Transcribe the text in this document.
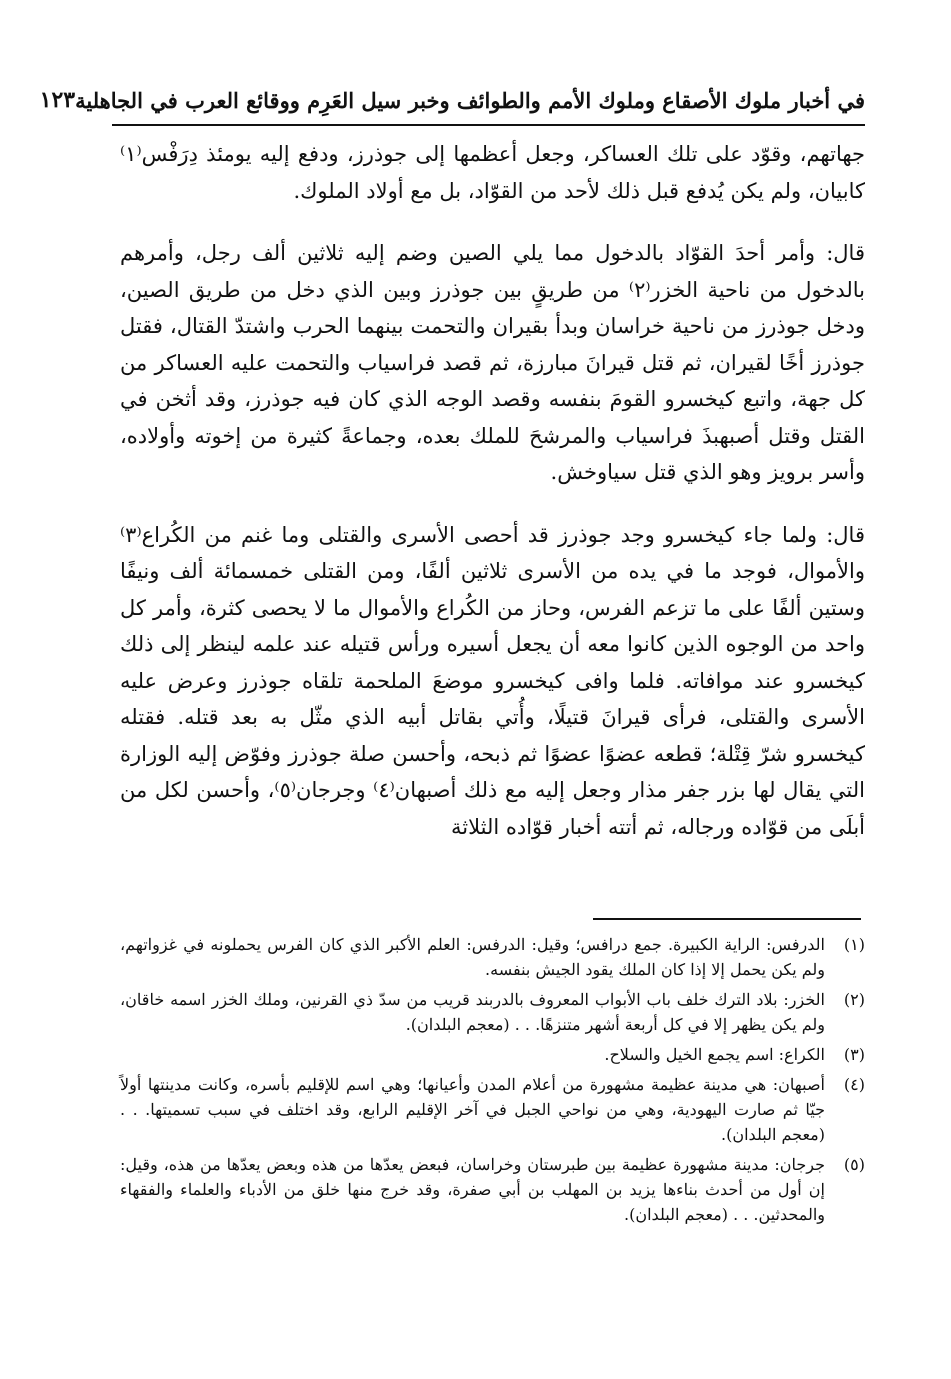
في أخبار ملوك الأصقاع وملوك الأمم والطوائف وخبر سيل العَرِم ووقائع العرب في الجاهلية
١٢٣

جهاتهم، وقوّد على تلك العساكر، وجعل أعظمها إلى جوذرز، ودفع إليه يومئذ دِرَفْس⁽١⁾ كابيان، ولم يكن يُدفع قبل ذلك لأحد من القوّاد، بل مع أولاد الملوك.

قال: وأمر أحدَ القوّاد بالدخول مما يلي الصين وضم إليه ثلاثين ألف رجل، وأمرهم بالدخول من ناحية الخزر⁽٢⁾ من طريقٍ بين جوذرز وبين الذي دخل من طريق الصين، ودخل جوذرز من ناحية خراسان وبدأ بقيران والتحمت بينهما الحرب واشتدّ القتال، فقتل جوذرز أخًا لقيران، ثم قتل قيرانَ مبارزة، ثم قصد فراسياب والتحمت عليه العساكر من كل جهة، واتبع كيخسرو القومَ بنفسه وقصد الوجه الذي كان فيه جوذرز، وقد أثخن في القتل وقتل أصبهبذَ فراسياب والمرشحَ للملك بعده، وجماعةً كثيرة من إخوته وأولاده، وأسر برويز وهو الذي قتل سياوخش.

قال: ولما جاء كيخسرو وجد جوذرز قد أحصى الأسرى والقتلى وما غنم من الكُراع⁽٣⁾ والأموال، فوجد ما في يده من الأسرى ثلاثين ألفًا، ومن القتلى خمسمائة ألف ونيفًا وستين ألفًا على ما تزعم الفرس، وحاز من الكُراع والأموال ما لا يحصى كثرة، وأمر كل واحد من الوجوه الذين كانوا معه أن يجعل أسيره ورأس قتيله عند علمه لينظر إلى ذلك كيخسرو عند موافاته. فلما وافى كيخسرو موضعَ الملحمة تلقاه جوذرز وعرض عليه الأسرى والقتلى، فرأى قيرانَ قتيلًا، وأُتي بقاتل أبيه الذي مثّل به بعد قتله. فقتله كيخسرو شرّ قِتْلة؛ قطعه عضوًا عضوًا ثم ذبحه، وأحسن صلة جوذرز وفوّض إليه الوزارة التي يقال لها بزر جفر مذار وجعل إليه مع ذلك أصبهان⁽٤⁾ وجرجان⁽٥⁾، وأحسن لكل من أبلَى من قوّاده ورجاله، ثم أتته أخبار قوّاده الثلاثة

(١)
الدرفس: الراية الكبيرة. جمع درافس؛ وقيل: الدرفس: العلم الأكبر الذي كان الفرس يحملونه في غزواتهم، ولم يكن يحمل إلا إذا كان الملك يقود الجيش بنفسه.
(٢)
الخزر: بلاد الترك خلف باب الأبواب المعروف بالدربند قريب من سدّ ذي القرنين، وملك الخزر اسمه خاقان، ولم يكن يظهر إلا في كل أربعة أشهر متنزهًا. . . (معجم البلدان).
(٣)
الكراع: اسم يجمع الخيل والسلاح.
(٤)
أصبهان: هي مدينة عظيمة مشهورة من أعلام المدن وأعيانها؛ وهي اسم للإقليم بأسره، وكانت مدينتها أولاً جيّا ثم صارت اليهودية، وهي من نواحي الجبل في آخر الإقليم الرابع، وقد اختلف في سبب تسميتها. . . (معجم البلدان).
(٥)
جرجان: مدينة مشهورة عظيمة بين طبرستان وخراسان، فبعض يعدّها من هذه وبعض يعدّها من هذه، وقيل: إن أول من أحدث بناءها يزيد بن المهلب بن أبي صفرة، وقد خرج منها خلق من الأدباء والعلماء والفقهاء والمحدثين. . . (معجم البلدان).
